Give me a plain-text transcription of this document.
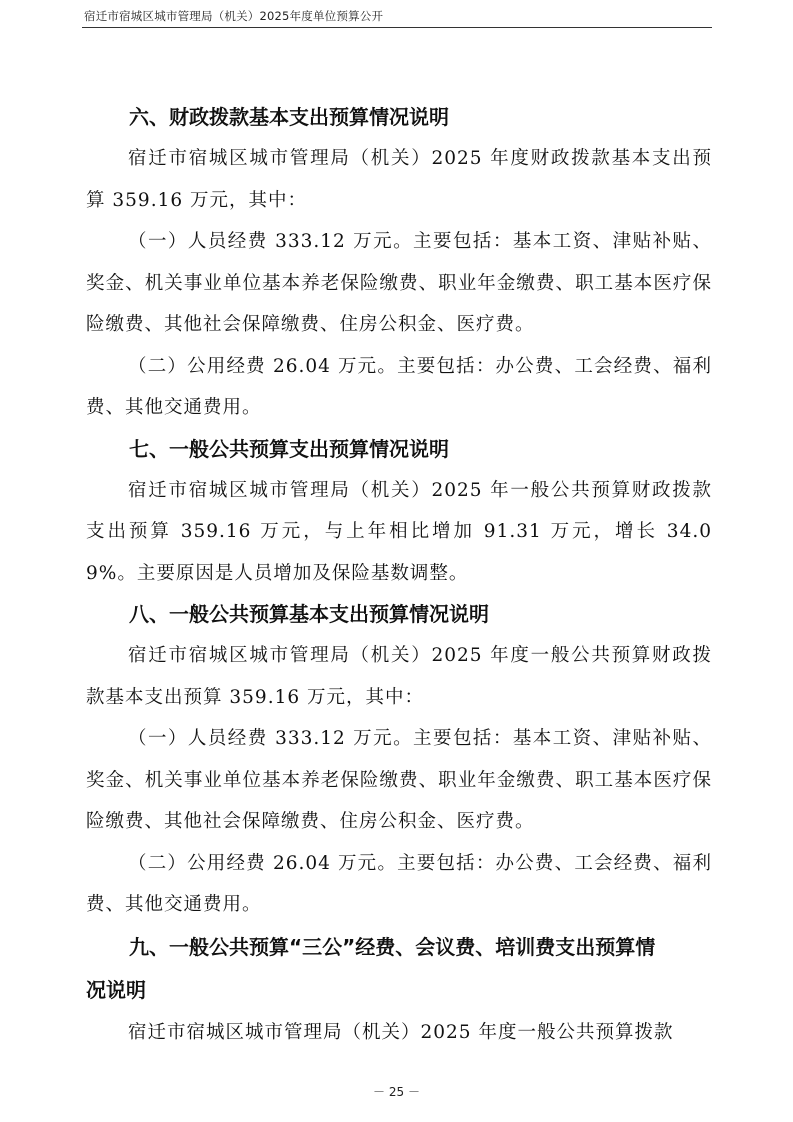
宿迁市宿城区城市管理局（机关）2025年度单位预算公开
六、财政拨款基本支出预算情况说明

宿迁市宿城区城市管理局（机关）2025 年度财政拨款基本支出预算 359.16 万元，其中：

（一）人员经费 333.12 万元。主要包括：基本工资、津贴补贴、奖金、机关事业单位基本养老保险缴费、职业年金缴费、职工基本医疗保险缴费、其他社会保障缴费、住房公积金、医疗费。

（二）公用经费 26.04 万元。主要包括：办公费、工会经费、福利费、其他交通费用。

七、一般公共预算支出预算情况说明

宿迁市宿城区城市管理局（机关）2025 年一般公共预算财政拨款支出预算 359.16 万元，与上年相比增加 91.31 万元，增长 34.09%。主要原因是人员增加及保险基数调整。

八、一般公共预算基本支出预算情况说明

宿迁市宿城区城市管理局（机关）2025 年度一般公共预算财政拨款基本支出预算 359.16 万元，其中：

（一）人员经费 333.12 万元。主要包括：基本工资、津贴补贴、奖金、机关事业单位基本养老保险缴费、职业年金缴费、职工基本医疗保险缴费、其他社会保障缴费、住房公积金、医疗费。

（二）公用经费 26.04 万元。主要包括：办公费、工会经费、福利费、其他交通费用。

九、一般公共预算“三公”经费、会议费、培训费支出预算情
况说明

宿迁市宿城区城市管理局（机关）2025 年度一般公共预算拨款

－ 25 －
